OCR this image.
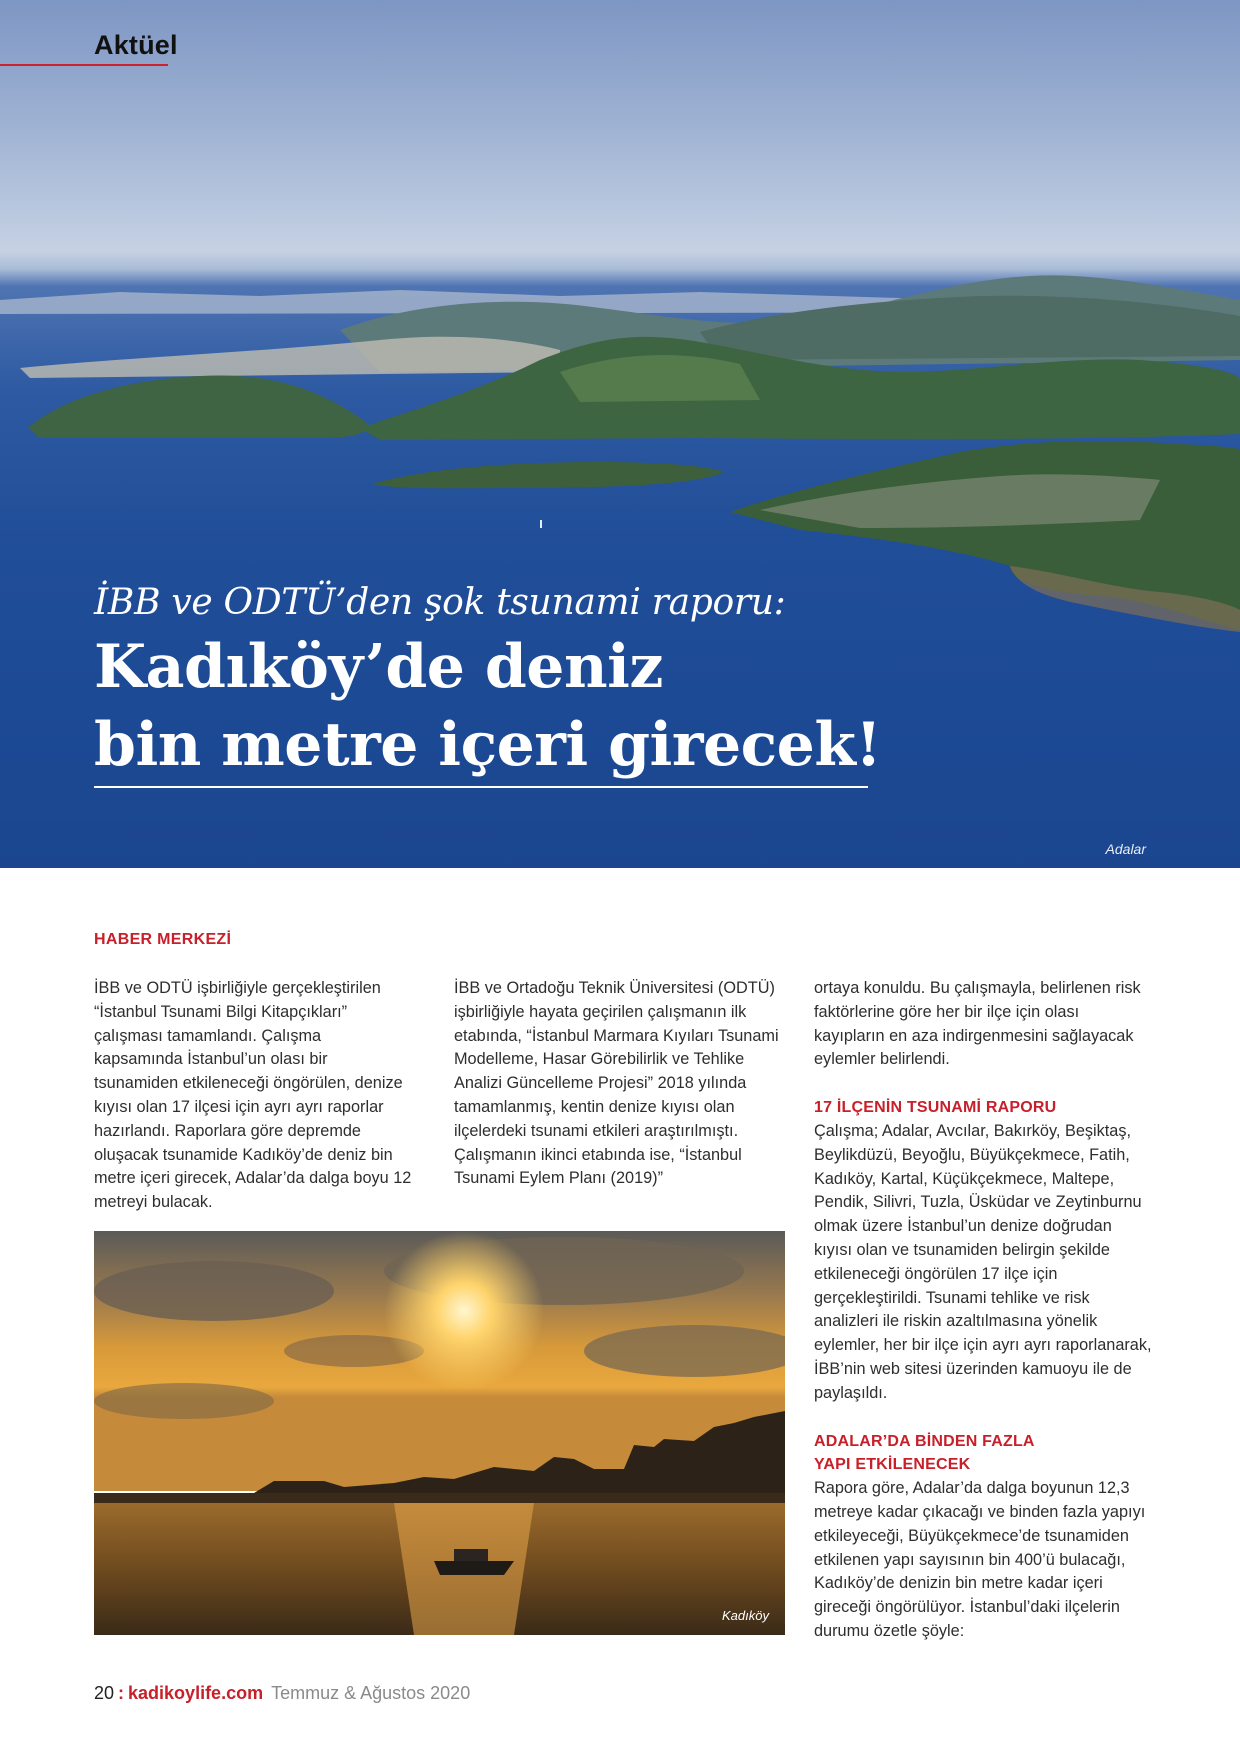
Aktüel
İBB ve ODTÜ’den şok tsunami raporu:
Kadıköy’de deniz
bin metre içeri girecek!
Adalar
HABER MERKEZİ

İBB ve ODTÜ işbirliğiyle gerçekleştirilen “İstanbul Tsunami Bilgi Kitapçıkları” çalışması tamamlandı. Çalışma kapsamında İstanbul’un olası bir tsunamiden etkileneceği öngörülen, denize kıyısı olan 17 ilçesi için ayrı ayrı raporlar hazırlandı. Raporlara göre depremde oluşacak tsunamide Kadıköy’de deniz bin metre içeri girecek, Adalar’da dalga boyu 12 metreyi bulacak.

İBB ve Ortadoğu Teknik Üniversitesi (ODTÜ) işbirliğiyle hayata geçirilen çalışmanın ilk etabında, “İstanbul Marmara Kıyıları Tsunami Modelleme, Hasar Görebilirlik ve Tehlike Analizi Güncelleme Projesi” 2018 yılında tamamlanmış, kentin denize kıyısı olan ilçelerdeki tsunami etkileri araştırılmıştı. Çalışmanın ikinci etabında ise, “İstanbul Tsunami Eylem Planı (2019)”

ortaya konuldu. Bu çalışmayla, belirlenen risk faktörlerine göre her bir ilçe için olası kayıpların en aza indirgenmesini sağlayacak eylemler belirlendi.

17 İLÇENİN TSUNAMİ RAPORU

Çalışma; Adalar, Avcılar, Bakırköy, Beşiktaş, Beylikdüzü, Beyoğlu, Büyükçekmece, Fatih, Kadıköy, Kartal, Küçükçekmece, Maltepe, Pendik, Silivri, Tuzla, Üsküdar ve Zeytinburnu olmak üzere İstanbul’un denize doğrudan kıyısı olan ve tsunamiden belirgin şekilde etkileneceği öngörülen 17 ilçe için gerçekleştirildi. Tsunami tehlike ve risk analizleri ile riskin azaltılmasına yönelik eylemler, her bir ilçe için ayrı ayrı raporlanarak, İBB’nin web sitesi üzerinden kamuoyu ile de paylaşıldı.

ADALAR’DA BİNDEN FAZLA
YAPI ETKİLENECEK

Rapora göre, Adalar’da dalga boyunun 12,3 metreye kadar çıkacağı ve binden fazla yapıyı etkileyeceği, Büyükçekmece’de tsunamiden etkilenen yapı sayısının bin 400’ü bulacağı, Kadıköy’de denizin bin metre kadar içeri gireceği öngörülüyor. İstanbul’daki ilçelerin durumu özetle şöyle:

Kadıköy
20 : kadikoylife.com Temmuz & Ağustos 2020
